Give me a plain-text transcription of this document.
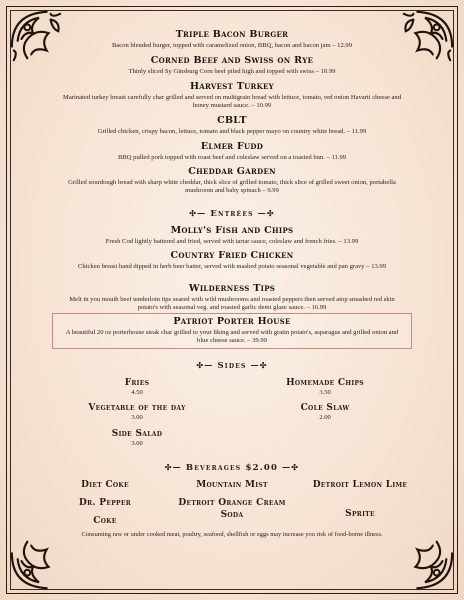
Triple Bacon Burger

Bacon blended burger, topped with caramelized onion, BBQ, bacon and bacon jam – 12.99

Corned Beef and Swiss on Rye

Thinly sliced Sy Ginsburg Corn beef piled high and topped with swiss – 10.99

Harvest Turkey

Marinated turkey breast carefully char grilled and served on multigrain bread with lettuce, tomato, red onion Havarti cheese and honey mustard sauce. – 10.99

CBLT

Grilled chicken, crispy bacon, lettuce, tomato and black pepper mayo on country white bread. – 11.99

Elmer Fudd

BBQ pulled pork topped with roast beef and coleslaw served on a toasted bun. – 11.99

Cheddar Garden

Grilled sourdough bread with sharp white cheddar, thick slice of grilled tomato, thick slice of grilled sweet onion, portabella mushroom and baby spinach – 9.99

✣— Entrées —✣

Molly's Fish and Chips

Fresh Cod lightly battered and fried, served with tartar sauce, coleslaw and french fries. – 13.99

Country Fried Chicken

Chicken breast hand dipped in herb beer batter, served with mashed potato seasonal vegetable and pan gravy – 13.99

Wilderness Tips

Melt in you mouth beef tenderloin tips seared with wild mushrooms and roasted peppers then served atop smashed red skin potato's with seasonal veg. and roasted garlic demi glaze sauce. – 16.99

Patriot Porter House

A beautiful 20 oz porterhouse steak char grilled to your liking and served with gratin potato's, asparagus and grilled onion and blue cheese sauce. – 39.99

✣— Sides —✣
Fries
4.50
Homemade Chips
3.50
Vegetable of the day
3.00
Cole Slaw
2.00
Side Salad
3.00
✣— Beverages $2.00 —✣
Diet Coke
Dr. Pepper
Coke
Mountain Mist
Detroit Orange Cream Soda
Detroit Lemon Lime
Sprite
Consuming raw or under cooked meat, poultry, seafood, shellfish or eggs may increase you risk of food-borne illness.
